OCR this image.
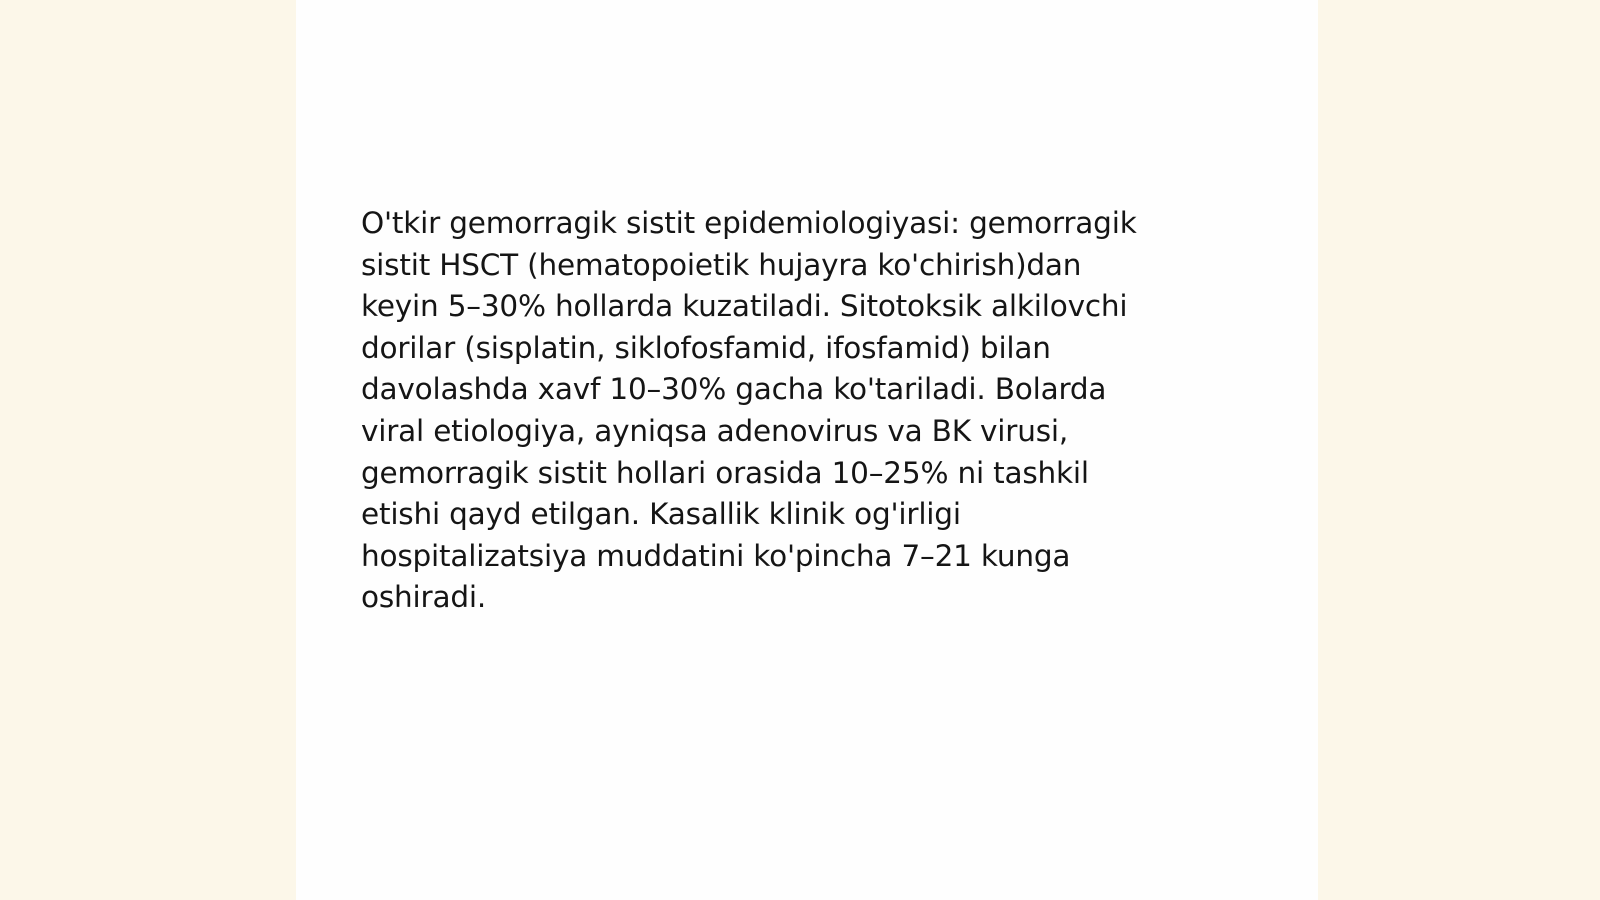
O'tkir gemorragik sistit epidemiologiyasi: gemorragik
sistit HSCT (hematopoietik hujayra ko'chirish)dan
keyin 5–30% hollarda kuzatiladi. Sitotoksik alkilovchi
dorilar (sisplatin, siklofosfamid, ifosfamid) bilan
davolashda xavf 10–30% gacha ko'tariladi. Bolarda
viral etiologiya, ayniqsa adenovirus va BK virusi,
gemorragik sistit hollari orasida 10–25% ni tashkil
etishi qayd etilgan. Kasallik klinik og'irligi
hospitalizatsiya muddatini ko'pincha 7–21 kunga
oshiradi.
